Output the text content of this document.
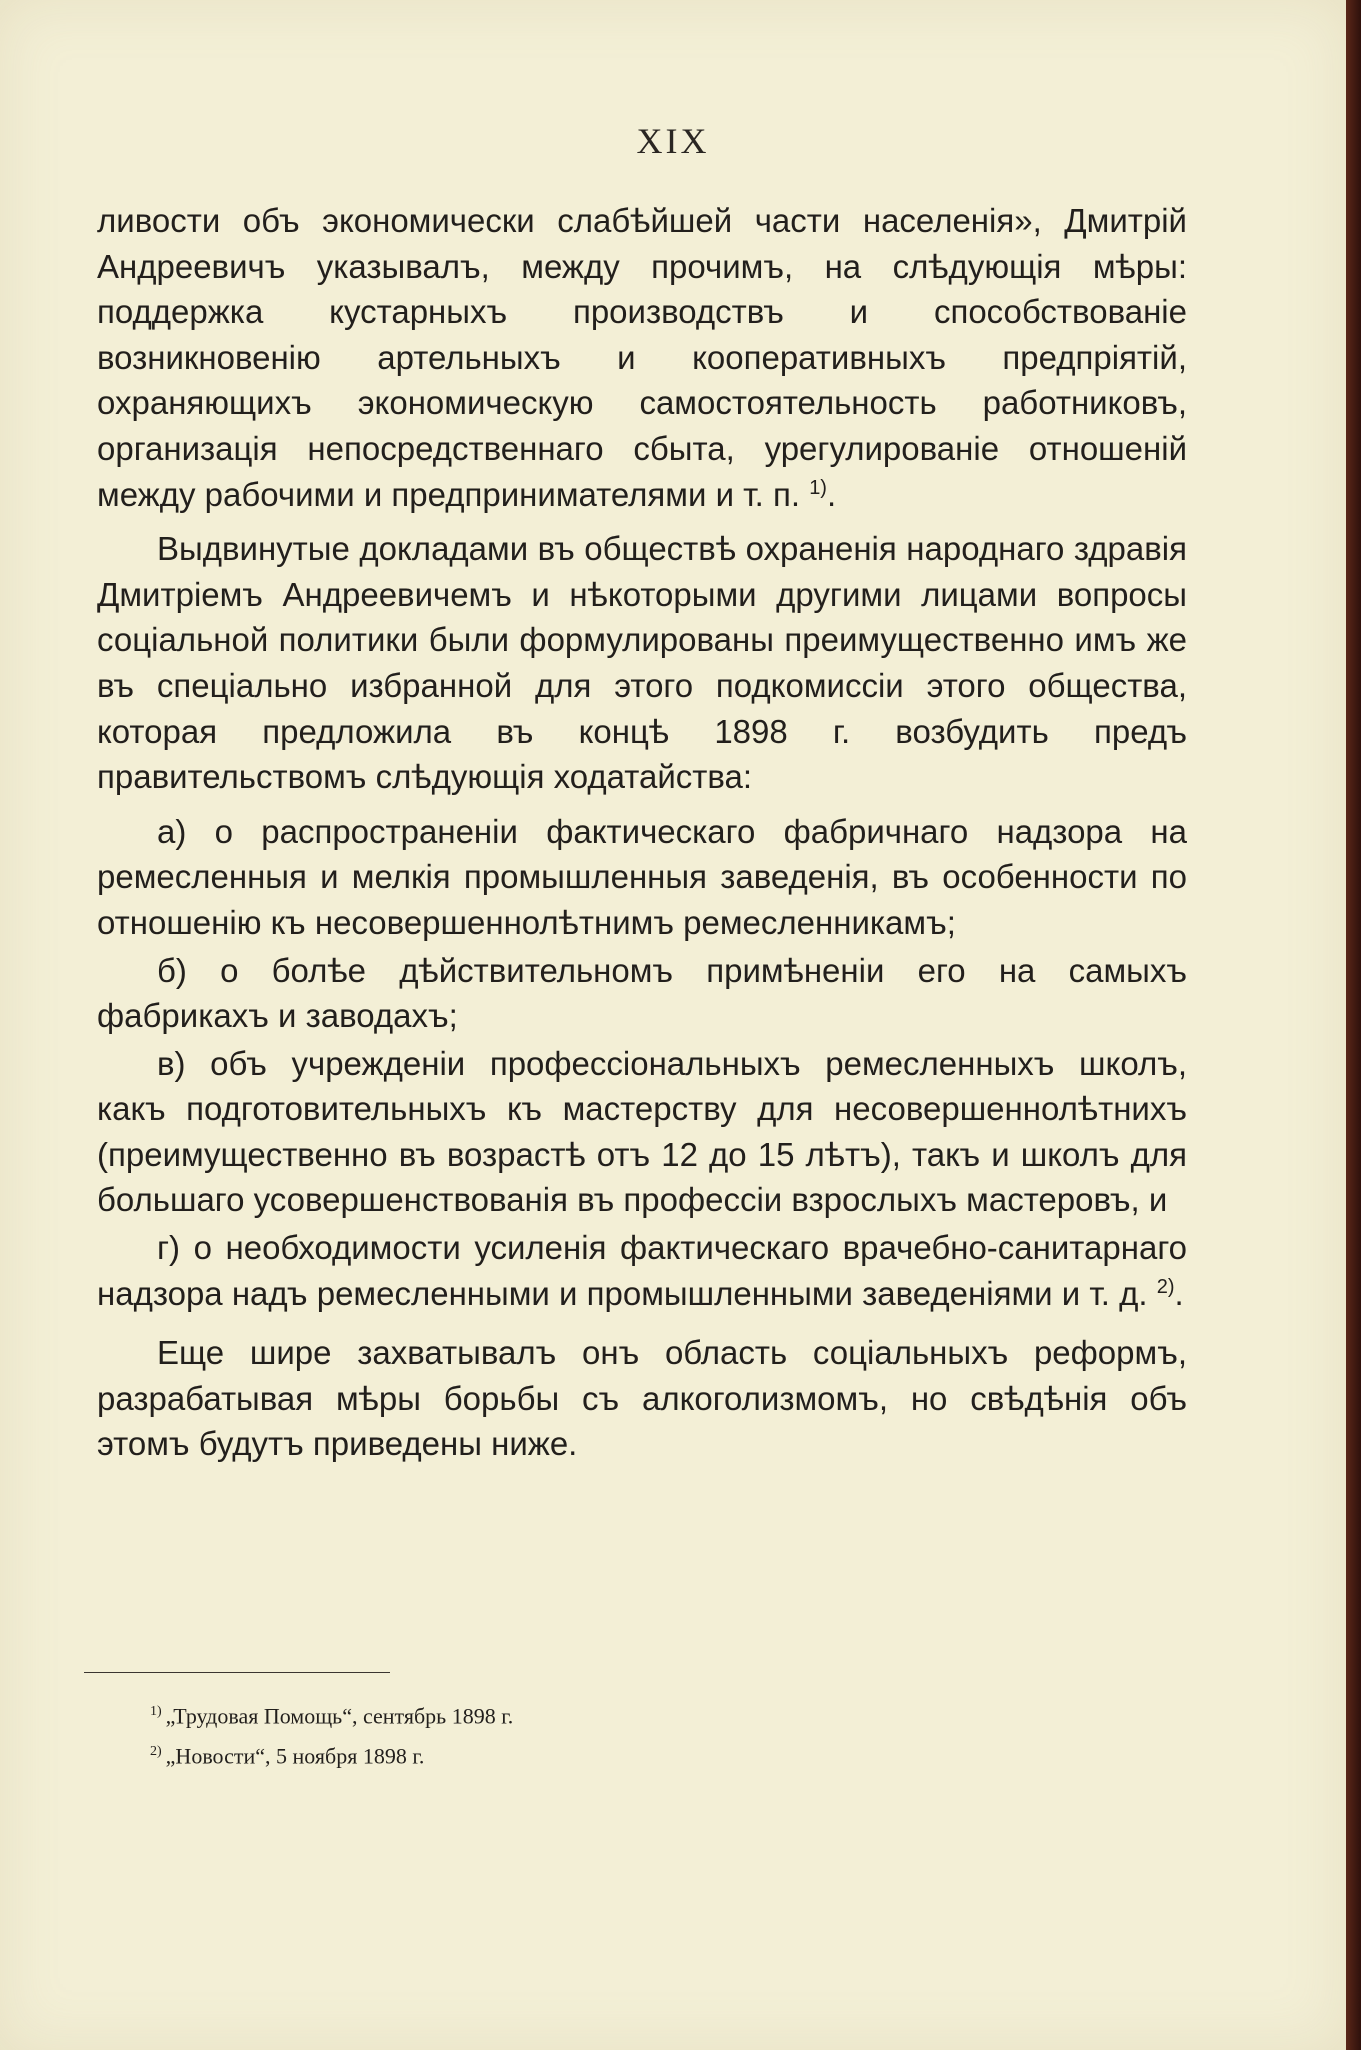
XIX

ливости объ экономически слабѣйшей части населенія», Дмитрій Андреевичъ указывалъ, между прочимъ, на слѣдующія мѣры: поддержка кустарныхъ производствъ и способствованіе возникновенію артельныхъ и кооперативныхъ предпріятій, охраняющихъ экономическую самостоятельность работниковъ, организація непосредственнаго сбыта, урегулированіе отношеній между рабочими и предпринимателями и т. п. $^{1)}$.

Выдвинутые докладами въ обществѣ охраненія народнаго здравія Дмитріемъ Андреевичемъ и нѣкоторыми другими лицами вопросы соціальной политики были формулированы преимущественно имъ же въ спеціально избранной для этого подкомиссіи этого общества, которая предложила въ концѣ 1898 г. возбудить предъ правительствомъ слѣдующія ходатайства:

а) о распространеніи фактическаго фабричнаго надзора на ремесленныя и мелкія промышленныя заведенія, въ особенности по отношенію къ несовершеннолѣтнимъ ремесленникамъ;

б) о болѣе дѣйствительномъ примѣненіи его на самыхъ фабрикахъ и заводахъ;

в) объ учрежденіи профессіональныхъ ремесленныхъ школъ, какъ подготовительныхъ къ мастерству для несовершеннолѣтнихъ (преимущественно въ возрастѣ отъ 12 до 15 лѣтъ), такъ и школъ для большаго усовершенствованія въ профессіи взрослыхъ мастеровъ, и

г) о необходимости усиленія фактическаго врачебно-санитарнаго надзора надъ ремесленными и промышленными заведеніями и т. д. $^{2)}$.

Еще шире захватывалъ онъ область соціальныхъ реформъ, разрабатывая мѣры борьбы съ алкоголизмомъ, но свѣдѣнія объ этомъ будутъ приведены ниже.

$^{1)}$ „Трудовая Помощь“, сентябрь 1898 г.

$^{2)}$ „Новости“, 5 ноября 1898 г.
